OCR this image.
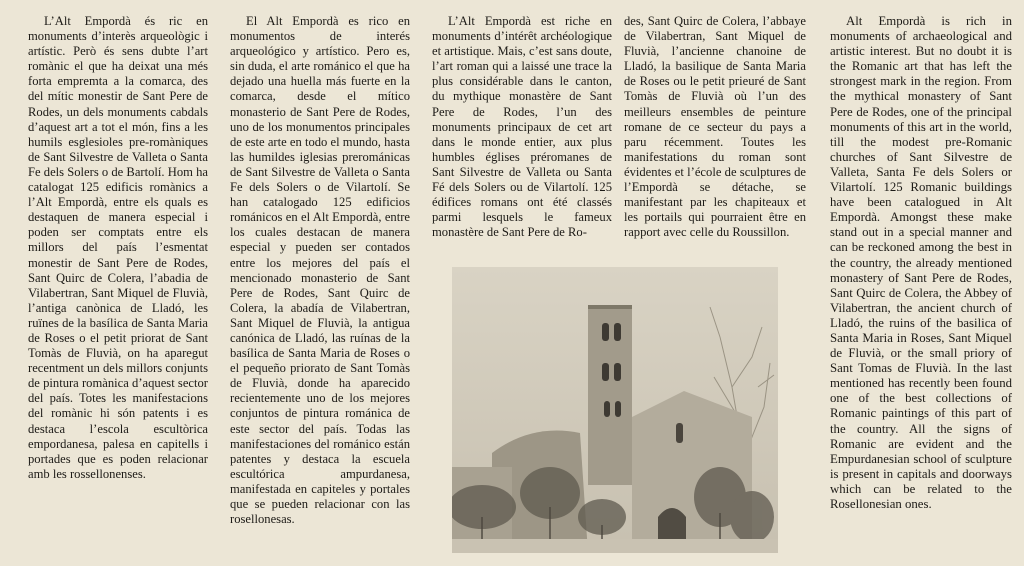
L’Alt Empordà és ric en monuments d’interès arqueològic i artístic. Però és sens dubte l’art romànic el que ha deixat una més forta empremta a la comarca, des del mític monestir de Sant Pere de Rodes, un dels monuments cabdals d’aquest art a tot el món, fins a les humils esglesioles pre-romàniques de Sant Silvestre de Valleta o Santa Fe dels Solers o de Bartolí. Hom ha catalogat 125 edificis romànics a l’Alt Empordà, entre els quals es destaquen de manera especial i poden ser comptats entre els millors del país l’esmentat monestir de Sant Pere de Rodes, Sant Quirc de Colera, l’abadia de Vilabertran, Sant Miquel de Fluvià, l’antiga canònica de Lladó, les ruïnes de la basílica de Santa Maria de Roses o el petit priorat de Sant Tomàs de Fluvià, on ha aparegut recentment un dels millors conjunts de pintura romànica d’aquest sector del país. Totes les manifestacions del romànic hi són patents i es destaca l’escola escultòrica empordanesa, palesa en capitells i portades que es poden relacionar amb les rossellonenses.

El Alt Empordà es rico en monumentos de interés arqueológico y artístico. Pero es, sin duda, el arte románico el que ha dejado una huella más fuerte en la comarca, desde el mítico monasterio de Sant Pere de Rodes, uno de los monumentos principales de este arte en todo el mundo, hasta las humildes iglesias prerománicas de Sant Silvestre de Valleta o Santa Fe dels Solers o de Vilartolí. Se han catalogado 125 edificios románicos en el Alt Empordà, entre los cuales destacan de manera especial y pueden ser contados entre los mejores del país el mencionado monasterio de Sant Pere de Rodes, Sant Quirc de Colera, la abadía de Vilabertran, Sant Miquel de Fluvià, la antigua canónica de Lladó, las ruínas de la basílica de Santa Maria de Roses o el pequeño priorato de Sant Tomàs de Fluvià, donde ha aparecido recientemente uno de los mejores conjuntos de pintura románica de este sector del país. Todas las manifestaciones del románico están patentes y destaca la escuela escultórica ampurdanesa, manifestada en capiteles y portales que se pueden relacionar con las rosellonesas.

L’Alt Empordà est riche en monuments d’intérêt archéologique et artistique. Mais, c’est sans doute, l’art roman qui a laissé une trace la plus considérable dans le canton, du mythique monastère de Sant Pere de Rodes, l’un des monuments principaux de cet art dans le monde entier, aux plus humbles églises préromanes de Sant Silvestre de Valleta ou Santa Fé dels Solers ou de Vilartolí. 125 édifices romans ont été classés parmi lesquels le fameux monastère de Sant Pere de Ro-

des, Sant Quirc de Colera, l’abbaye de Vilabertran, Sant Miquel de Fluvià, l’ancienne chanoine de Lladó, la basilique de Santa Maria de Roses ou le petit prieuré de Sant Tomàs de Fluvià où l’un des meilleurs ensembles de peinture romane de ce secteur du pays a paru récemment. Toutes les manifestations du roman sont évidentes et l’école de sculptures de l’Empordà se détache, se manifestant par les chapiteaux et les portails qui pourraient être en rapport avec celle du Roussillon.

Alt Empordà is rich in monuments of archaeological and artistic interest. But no doubt it is the Romanic art that has left the strongest mark in the region. From the mythical monastery of Sant Pere de Rodes, one of the principal monuments of this art in the world, till the modest pre-Romanic churches of Sant Silvestre de Valleta, Santa Fe dels Solers or Vilartolí. 125 Romanic buildings have been catalogued in Alt Empordà. Amongst these make stand out in a special manner and can be reckoned among the best in the country, the already mentioned monastery of Sant Pere de Rodes, Sant Quirc de Colera, the Abbey of Vilabertran, the ancient church of Lladó, the ruins of the basilica of Santa Maria in Roses, Sant Miquel de Fluvià, or the small priory of Sant Tomas de Fluvià. In the last mentioned has recently been found one of the best collections of Romanic paintings of this part of the country. All the signs of Romanic are evident and the Empurdanesian school of sculpture is present in capitals and doorways which can be related to the Rosellonesian ones.
